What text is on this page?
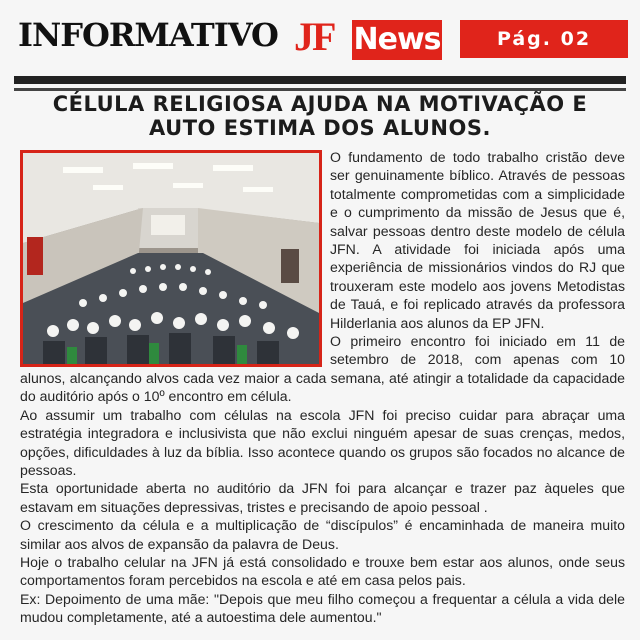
INFORMATIVO JF News	Pág. 02
CÉLULA RELIGIOSA AJUDA NA MOTIVAÇÃO E
AUTO ESTIMA DOS ALUNOS.

O fundamento de todo trabalho cristão deve ser genuinamente bíblico. Através de pessoas totalmente comprometidas com a simplicidade e o cumprimento da missão de Jesus que é, salvar pessoas dentro deste modelo de célula JFN. A atividade foi iniciada após uma experiência de missionários vindos do RJ que trouxeram este modelo aos jovens Metodistas de Tauá, e foi replicado através da professora Hilderlania aos alunos da EP JFN.

O primeiro encontro foi iniciado em 11 de setembro de 2018, com apenas com 10 alunos, alcançando alvos cada vez maior a cada semana, até atingir a totalidade da capacidade do auditório após o 10º encontro em célula.

Ao assumir um trabalho com células na escola JFN foi preciso cuidar para abraçar uma estratégia integradora e inclusivista que não exclui ninguém apesar de suas crenças, medos, opções, dificuldades à luz da bíblia. Isso acontece quando os grupos são focados no alcance de pessoas.

Esta oportunidade aberta no auditório da JFN foi para alcançar e trazer paz àqueles que estavam em situações depressivas, tristes e precisando de apoio pessoal .

O crescimento da célula e a multiplicação de “discípulos” é encaminhada de maneira muito similar aos alvos de expansão da palavra de Deus.

Hoje o trabalho celular na JFN já está consolidado e trouxe bem estar aos alunos, onde seus comportamentos foram percebidos na escola e até em casa pelos pais.

Ex: Depoimento de uma mãe: "Depois que meu filho começou a frequentar a célula a vida dele mudou completamente, até a autoestima dele aumentou."
